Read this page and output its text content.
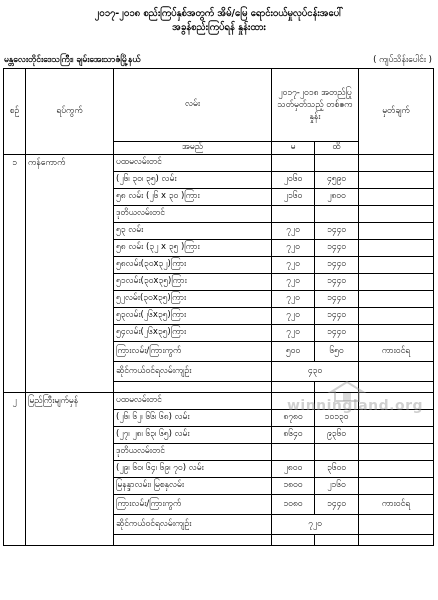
၂၀၁၇-၂၀၁၈ စည်းကြပ်နှစ်အတွက် အိမ်/မြေ ရောင်းဝယ်မှုလုပ်ငန်းအပေါ်
အခွန်စည်းကြပ်ရန် နှုန်းထား
မန္တလေးတိုင်းဒေသကြီး၊ ချမ်းအေးသာဇံမြို့နယ်	( ကျပ်သိန်းပေါင်း )
စဉ်	ရပ်ကွက်	လမ်း	၂၀၁၇-၂၀၁၈ အတည်ပြု သတ်မှတ်သည့် တစ်ဧကနှုန်း		မှတ်ချက်
		အမည်	မ	ထိ	
၁	ကန်ကောက်	ပထမလမ်းတင်			
		(၂၆၊ ၃၀၊ ၃၅) လမ်း	၂၀၆၀	၄၅၉၀	
		၅၈ လမ်း (၂၆ x ၃၀ )ကြား	၂၁၆၀	၂၈၀၀	
		ဒုတိယလမ်းတင်			
		၅၃ လမ်း	၇၂၀	၁၄၄၀	
		၅၈ လမ်း (၃၂ x ၃၅ )ကြား	၇၂၀	၁၄၄၀	
		၅၈လမ်း(၃၀x၃၂)ကြား	၇၂၀	၁၄၄၀	
		၅၁လမ်း(၃၀x၃၅)ကြား	၇၂၀	၁၄၄၀	
		၅၂လမ်း(၃၀x၃၅)ကြား	၇၂၀	၁၄၄၀	
		၅၃လမ်း(၂၆x၃၅)ကြား	၇၂၀	၁၄၄၀	
		၅၄လမ်း(၂၆x၃၅)ကြား	၇၂၀	၁၄၄၀	
		ကြားလမ်း/ကြားကွက်	၅၀၀	၆၅၀	ကားဝင်ရ
		ဆိုင်ကယ်ဝင်ရလမ်းကျဉ်း	၄၃၀		

၂	မြည်ကြီးမျက်မှန်	ပထမလမ်းတင်			
		(၂၆၊ ၆၂၊ ၆၆၊ ၆၈) လမ်း	၈၇၈၀	၁၀၁၃၀	
		(၂၇၊ ၂၈၊ ၆၃၊ ၆၅) လမ်း	၈၆၄၀	၉၃၆၀	
		ဒုတိယလမ်းတင်			
		(၂၉၊ ၆၀၊ ၆၄၊ ၆၉၊ ၇၀) လမ်း	၂၈၀၀	၃၆၀၀	
		မြနန္ဒာလမ်း၊ မြစနှလမ်း	၁၈၀၀	၂၁၆၀	
		ကြားလမ်း/ကြားကွက်	၁၀၈၀	၁၄၄၀	ကားဝင်ရ
		ဆိုင်ကယ်ဝင်ရလမ်းကျဉ်း	၇၂၀		

winningland.org
